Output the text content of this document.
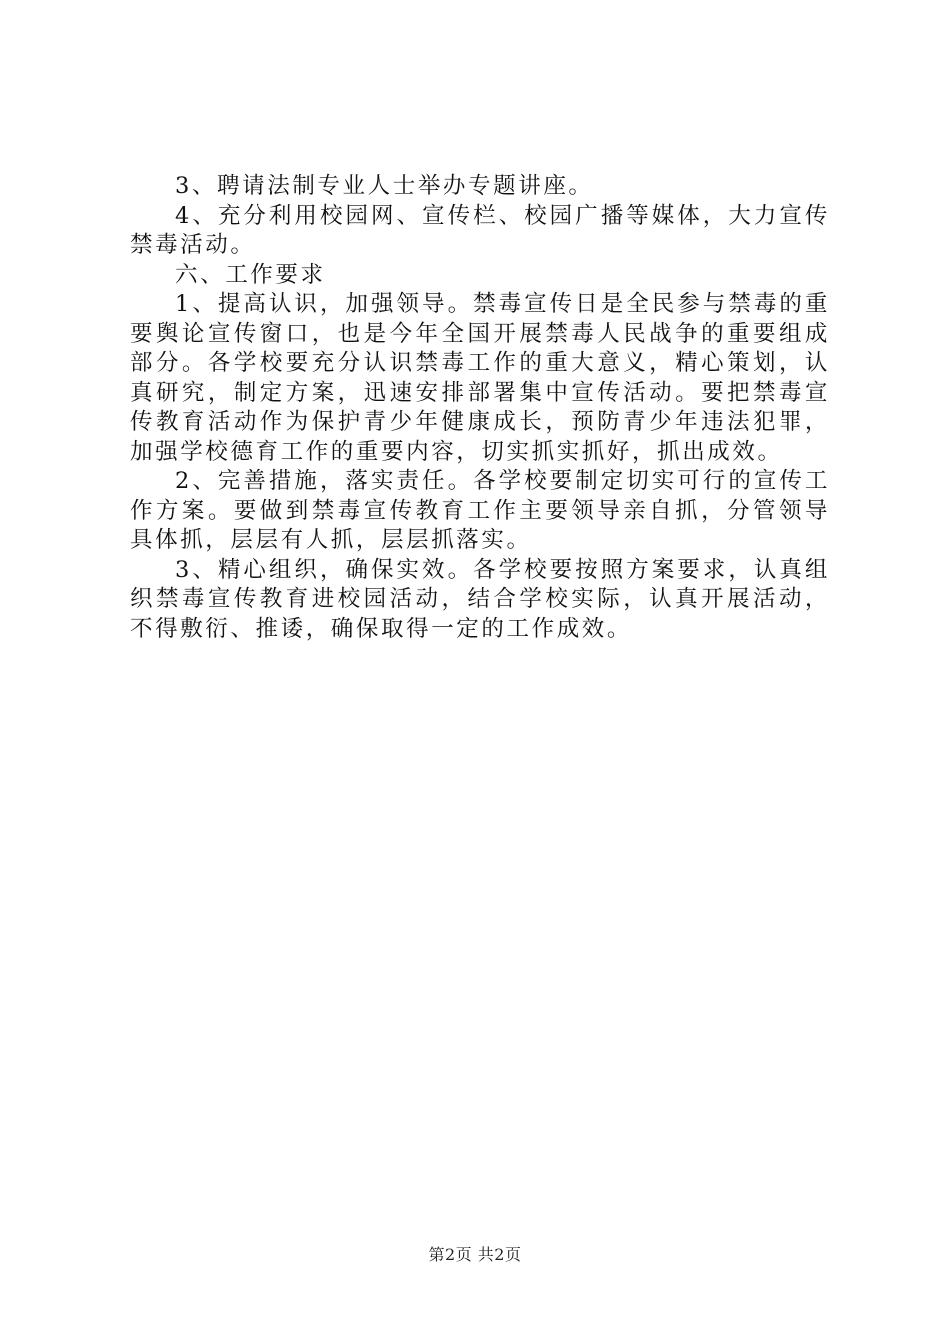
3、聘请法制专业人士举办专题讲座。

4、充分利用校园网、宣传栏、校园广播等媒体，大力宣传禁毒活动。

六、工作要求

1、提高认识，加强领导。禁毒宣传日是全民参与禁毒的重要舆论宣传窗口，也是今年全国开展禁毒人民战争的重要组成部分。各学校要充分认识禁毒工作的重大意义，精心策划，认真研究，制定方案，迅速安排部署集中宣传活动。要把禁毒宣传教育活动作为保护青少年健康成长，预防青少年违法犯罪，加强学校德育工作的重要内容，切实抓实抓好，抓出成效。

2、完善措施，落实责任。各学校要制定切实可行的宣传工作方案。要做到禁毒宣传教育工作主要领导亲自抓，分管领导具体抓，层层有人抓，层层抓落实。

3、精心组织，确保实效。各学校要按照方案要求，认真组织禁毒宣传教育进校园活动，结合学校实际，认真开展活动，不得敷衍、推诿，确保取得一定的工作成效。

第2页 共2页
